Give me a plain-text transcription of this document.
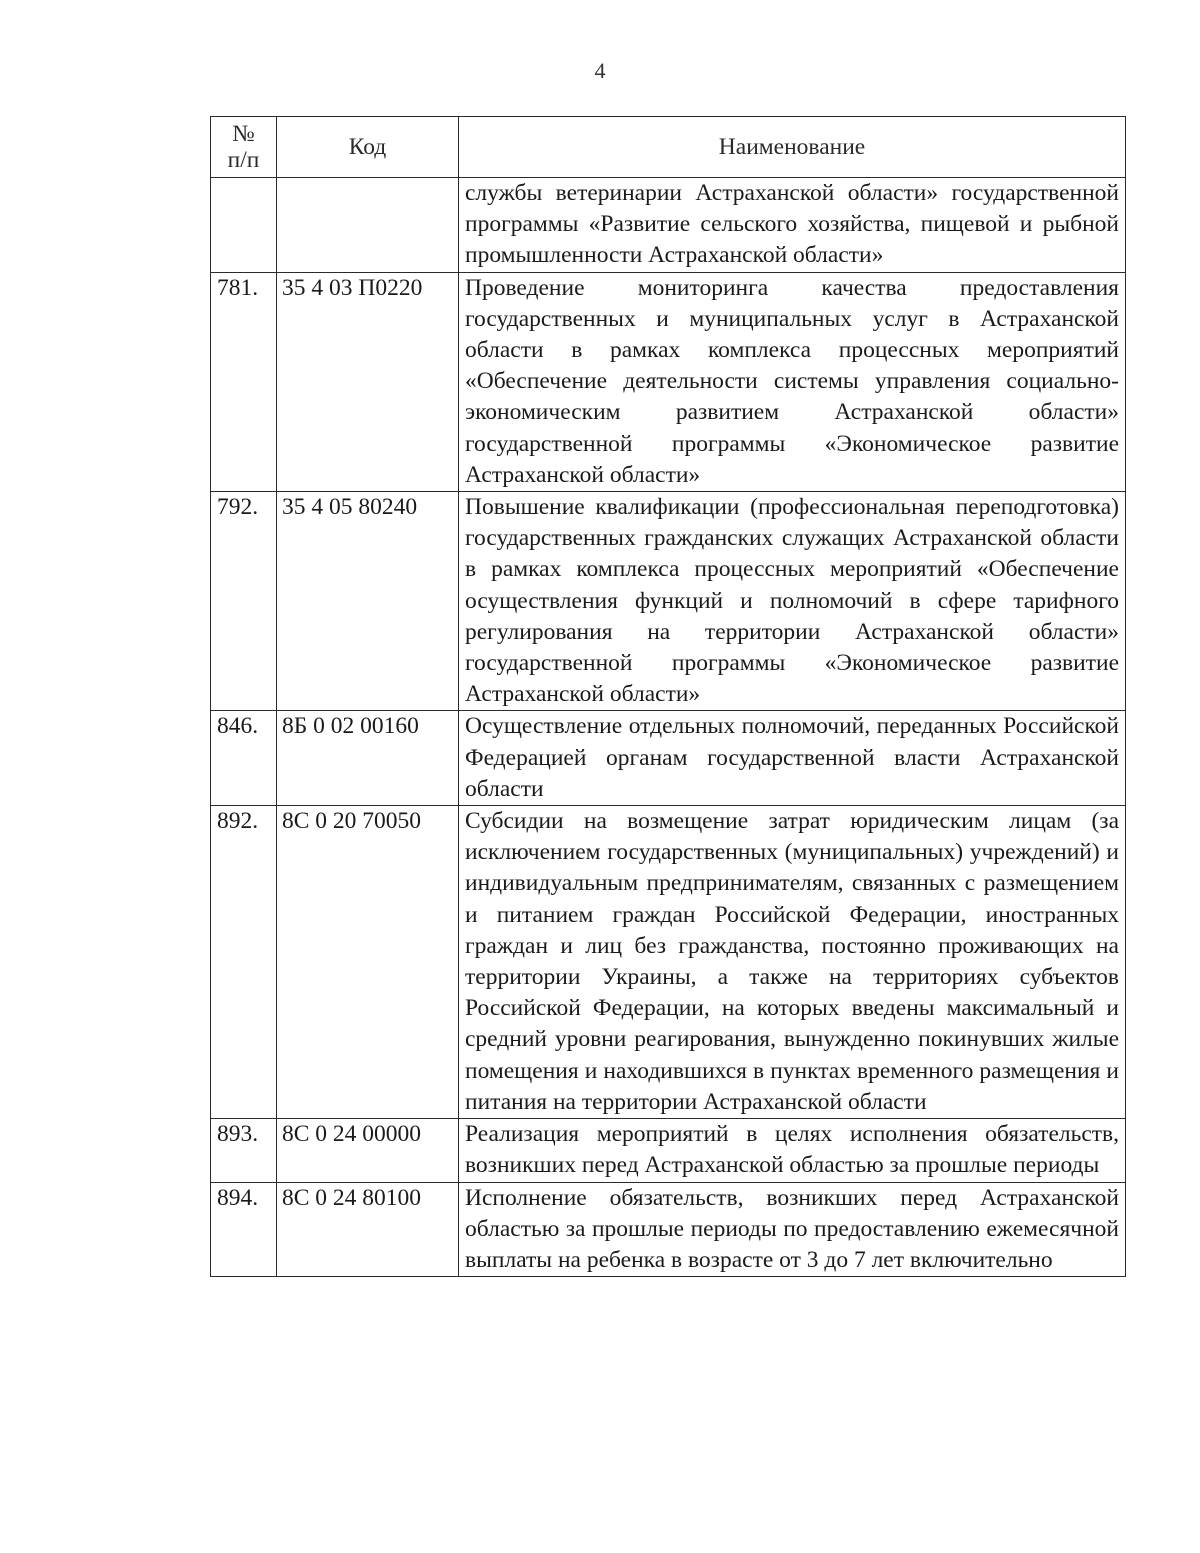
4
№
п/п	Код	Наименование
		службы ветеринарии Астраханской области» государственной программы «Развитие сельского хозяйства, пищевой и рыбной промышленности Астраханской области»
781.	35 4 03 П0220	Проведение мониторинга качества предоставления государственных и муниципальных услуг в Астраханской области в рамках комплекса процессных мероприятий «Обеспечение деятельности системы управления социально-экономическим развитием Астраханской области» государственной программы «Экономическое развитие Астраханской области»
792.	35 4 05 80240	Повышение квалификации (профессиональная переподготовка) государственных гражданских служащих Астраханской области в рамках комплекса процессных мероприятий «Обеспечение осуществления функций и полномочий в сфере тарифного регулирования на территории Астраханской области» государственной программы «Экономическое развитие Астраханской области»
846.	8Б 0 02 00160	Осуществление отдельных полномочий, переданных Российской Федерацией органам государственной власти Астраханской области
892.	8С 0 20 70050	Субсидии на возмещение затрат юридическим лицам (за исключением государственных (муниципальных) учреждений) и индивидуальным предпринимателям, связанных с размещением и питанием граждан Российской Федерации, иностранных граждан и лиц без гражданства, постоянно проживающих на территории Украины, а также на территориях субъектов Российской Федерации, на которых введены максимальный и средний уровни реагирования, вынужденно покинувших жилые помещения и находившихся в пунктах временного размещения и питания на территории Астраханской области
893.	8С 0 24 00000	Реализация мероприятий в целях исполнения обязательств, возникших перед Астраханской областью за прошлые периоды
894.	8С 0 24 80100	Исполнение обязательств, возникших перед Астраханской областью за прошлые периоды по предоставлению ежемесячной выплаты на ребенка в возрасте от 3 до 7 лет включительно
